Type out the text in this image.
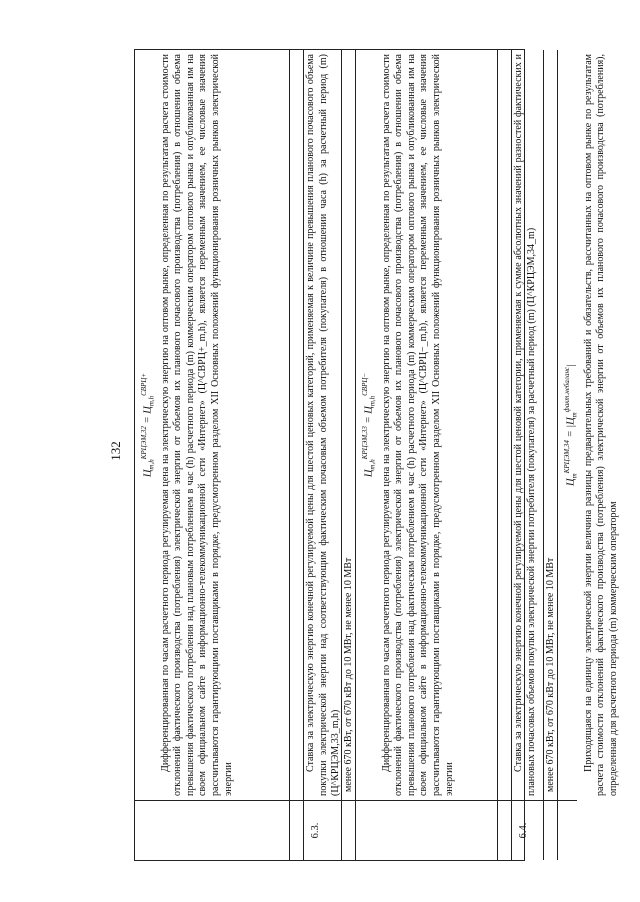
132
$Ц_{m,h}^{КРЦЭМ,32} = Ц_{m,h}^{СВРЦ+}$	Дифференцированная по часам расчетного периода регулируемая цена на электрическую энергию на оптовом рынке, определенная по результатам расчета стоимости отклонений фактического производства (потребления) электрической энергии от объемов их планового почасового производства (потребления) в отношении объема превышения фактического потребления над плановым потреблением в час (h) расчетного периода (m) коммерческим оператором оптового рынка и опубликованная им на своем официальном сайте в информационно-телекоммуникационной сети «Интернет» (Ц^СВРЦ+_m,h), является переменным значением, ее числовые значения рассчитываются гарантирующими поставщиками в порядке, предусмотренном разделом XII Основных положений функционирования розничных рынков электрической энергии
6.3.
Ставка за электрическую энергию конечной регулируемой цены для шестой ценовых категорий, применяемая к величине превышения планового почасового объема покупки электрической энергии над соответствующим фактическим почасовым объемом потребителя (покупателя) в отношении часа (h) за расчетный период (m) (Ц^КРЦЭМ,33_m,h) менее 670 кВт, от 670 кВт до 10 МВт, не менее 10 МВт
$Ц_{m,h}^{КРЦЭМ,33} = Ц_{m,h}^{СВРЦ-}$	Дифференцированная по часам расчетного периода регулируемая цена на электрическую энергию на оптовом рынке, определенная по результатам расчета стоимости отклонений фактического производства (потребления) электрической энергии от объемов их планового почасового производства (потребления) в отношении объема превышения планового потребления над фактическим потреблением в час (h) расчетного периода (m) коммерческим оператором оптового рынка и опубликованная им на своем официальном сайте в информационно-телекоммуникационной сети «Интернет» (Ц^СВРЦ−_m,h), является переменным значением, ее числовые значения рассчитываются гарантирующими поставщиками в порядке, предусмотренном разделом XII Основных положений функционирования розничных рынков электрической энергии
6.4.
Ставка за электрическую энергию конечной регулируемой цены для шестой ценовой категории, применяемая к сумме абсолютных значений разностей фактических и плановых почасовых объемов покупки электрической энергии потребителя (покупателя) за расчетный период (m) (Ц^КРЦЭМ,34_m) менее 670 кВт, от 670 кВт до 10 МВт, не менее 10 МВт
$Ц_m^{КРЦЭМ,34} = |Ц_m^{факт.небаланс}|$ Приходящаяся на единицу электрической энергии величина разницы предварительных требований и обязательств, рассчитанных на оптовом рынке по результатам расчета стоимости отклонений фактического производства (потребления) электрической энергии от объемов их планового почасового производства (потребления), определенная для расчетного периода (m) коммерческим оператором
